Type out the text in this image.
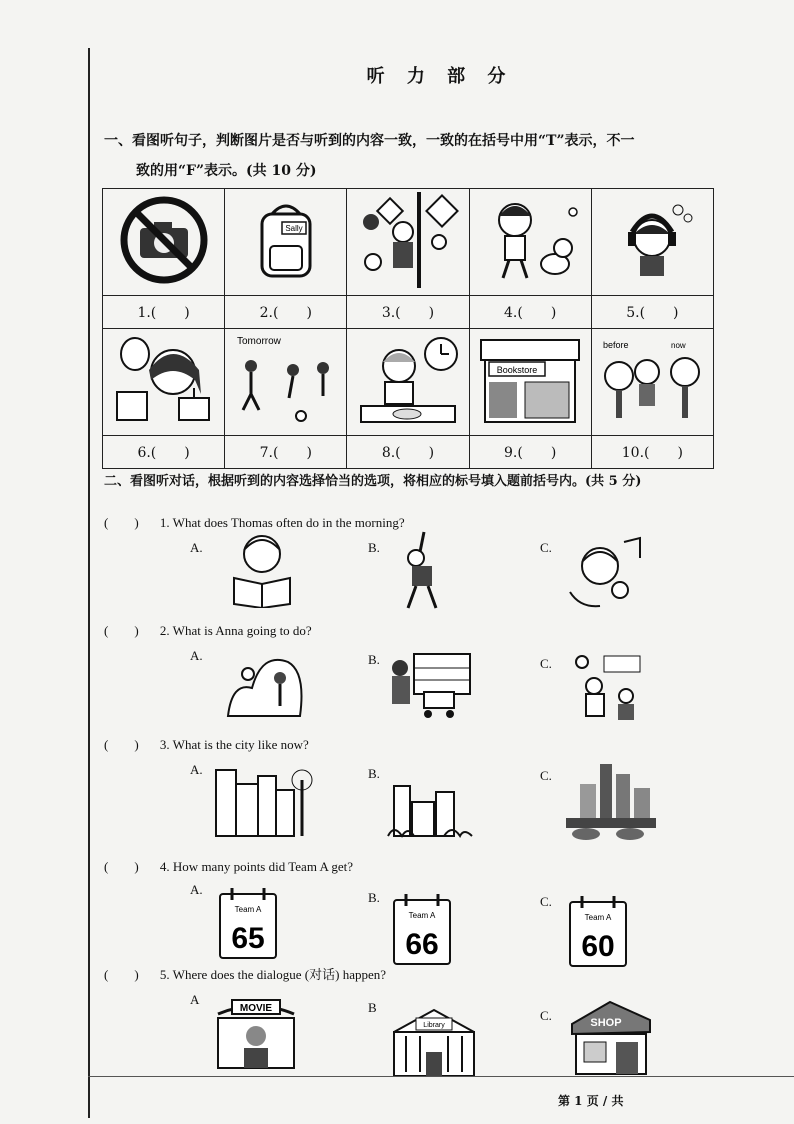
听 力 部 分
一、看图听句子，判断图片是否与听到的内容一致，一致的在括号中用“T”表示，不一
致的用“F”表示。(共 10 分)

Sally

1.(　　)	2.(　　)	3.(　　)	4.(　　)	5.(　　)

Tomorrow		Bookstore	before now

6.(　　)	7.(　　)	8.(　　)	9.(　　)	10.(　　)
二、看图听对话，根据听到的内容选择恰当的选项，将相应的标号填入题前括号内。(共 5 分)
(　　) 1. What does Thomas often do in the morning?
A.	B.	C.
(　　) 2. What is Anna going to do?
A.	B.	C.
(　　) 3. What is the city like now?
A.	B.	C.
(　　) 4. How many points did Team A get?
A.
B.	C.
Team A
65
Team A
66
Team A
60
(　　) 5. Where does the dialogue (对话) happen?
A
B
C.
MOVIE
Library	SHOP
第 1 页 / 共
